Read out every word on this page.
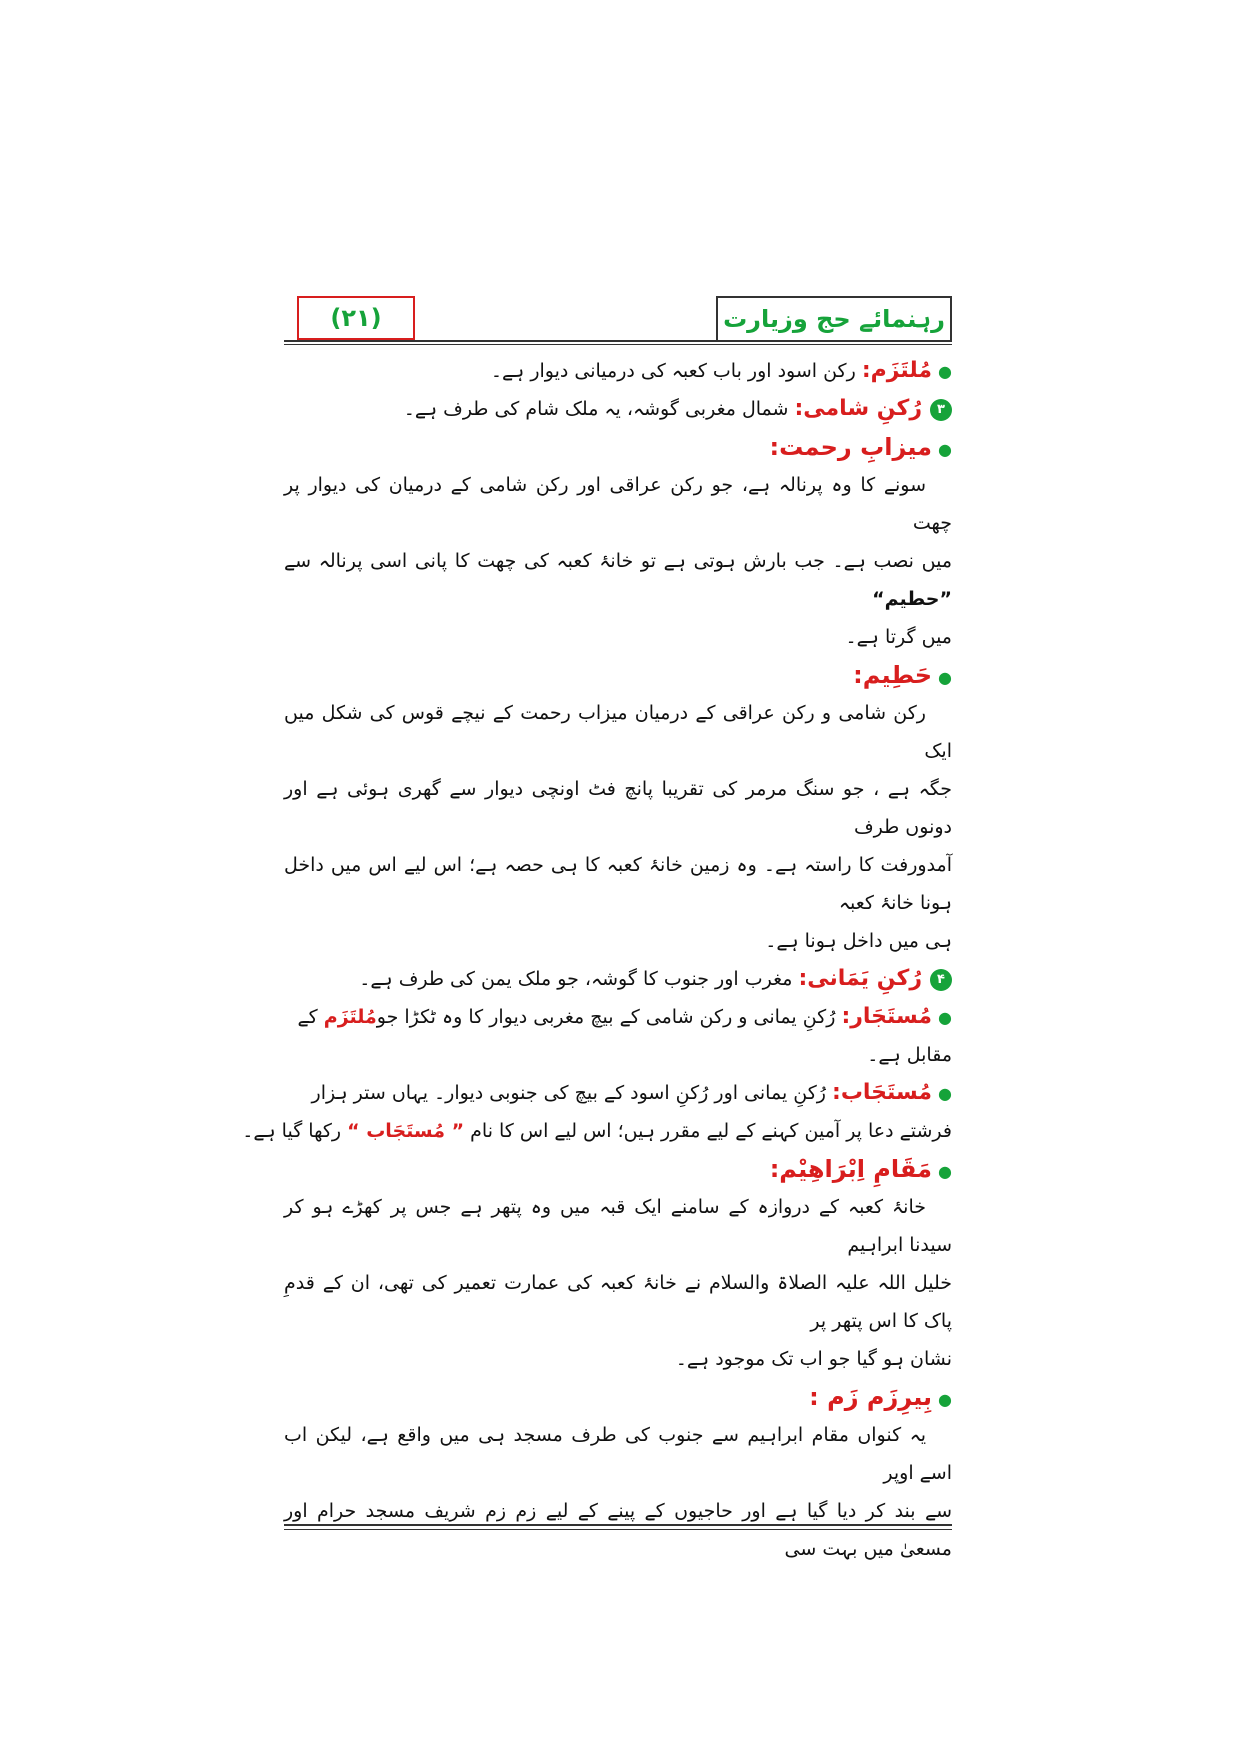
(۲۱)	رہنمائے حج وزیارت
●مُلتَزَم: رکن اسود اور باب کعبہ کی درمیانی دیوار ہے۔
۳رُکنِ شامی: شمال مغربی گوشہ، یہ ملک شام کی طرف ہے۔
●میزابِ رحمت:
سونے کا وہ پرنالہ ہے، جو رکن عراقی اور رکن شامی کے درمیان کی دیوار پر چھت
میں نصب ہے۔ جب بارش ہوتی ہے تو خانۂ کعبہ کی چھت کا پانی اسی پرنالہ سے ”حطیم“
میں گرتا ہے۔
●حَطِیم:
رکن شامی و رکن عراقی کے درمیان میزاب رحمت کے نیچے قوس کی شکل میں ایک
جگہ ہے ، جو سنگ مرمر کی تقریبا پانچ فٹ اونچی دیوار سے گھری ہوئی ہے اور دونوں طرف
آمدورفت کا راستہ ہے۔ وہ زمین خانۂ کعبہ کا ہی حصہ ہے؛ اس لیے اس میں داخل ہونا خانۂ کعبہ
ہی میں داخل ہونا ہے۔
۴رُکنِ یَمَانی: مغرب اور جنوب کا گوشہ، جو ملک یمن کی طرف ہے۔
●مُستَجَار: رُکنِ یمانی و رکن شامی کے بیچ مغربی دیوار کا وہ ٹکڑا جومُلتَزَم کے
مقابل ہے۔
●مُستَجَاب: رُکنِ یمانی اور رُکنِ اسود کے بیچ کی جنوبی دیوار۔ یہاں ستر ہزار
فرشتے دعا پر آمین کہنے کے لیے مقرر ہیں؛ اس لیے اس کا نام ” مُستَجَاب “ رکھا گیا ہے۔
●مَقَامِ اِبْرَاھِیْم:
خانۂ کعبہ کے دروازہ کے سامنے ایک قبہ میں وہ پتھر ہے جس پر کھڑے ہو کر سیدنا ابراہیم
خلیل اللہ علیہ الصلاۃ والسلام نے خانۂ کعبہ کی عمارت تعمیر کی تھی، ان کے قدمِ پاک کا اس پتھر پر
نشان ہو گیا جو اب تک موجود ہے۔
●بِیرِزَم زَم :
یہ کنواں مقام ابراہیم سے جنوب کی طرف مسجد ہی میں واقع ہے، لیکن اب اسے اوپر
سے بند کر دیا گیا ہے اور حاجیوں کے پینے کے لیے زم زم شریف مسجد حرام اور مسعیٰ میں بہت سی
